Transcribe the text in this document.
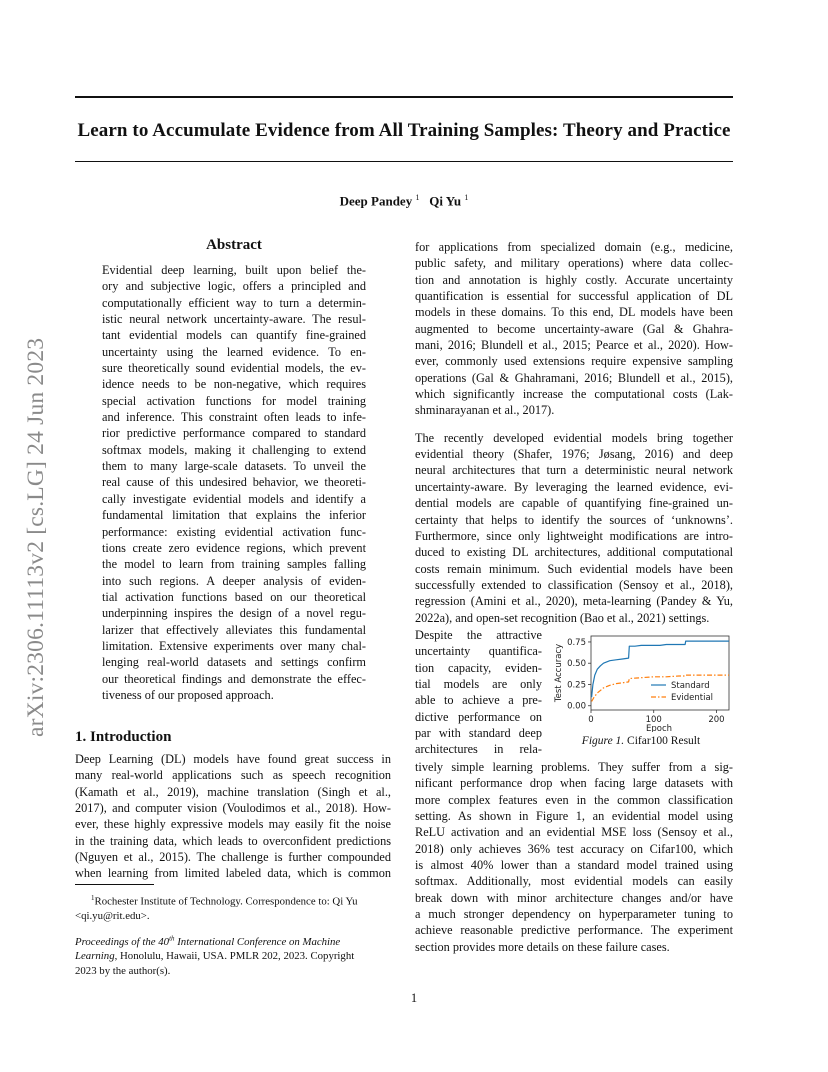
Learn to Accumulate Evidence from All Training Samples: Theory and Practice
Deep Pandey $^1$ Qi Yu $^1$
arXiv:2306.11113v2 [cs.LG] 24 Jun 2023
Abstract
Evidential deep learning, built upon belief the-
ory and subjective logic, offers a principled and
computationally efficient way to turn a determin-
istic neural network uncertainty-aware. The resul-
tant evidential models can quantify fine-grained
uncertainty using the learned evidence. To en-
sure theoretically sound evidential models, the ev-
idence needs to be non-negative, which requires
special activation functions for model training
and inference. This constraint often leads to infe-
rior predictive performance compared to standard
softmax models, making it challenging to extend
them to many large-scale datasets. To unveil the
real cause of this undesired behavior, we theoreti-
cally investigate evidential models and identify a
fundamental limitation that explains the inferior
performance: existing evidential activation func-
tions create zero evidence regions, which prevent
the model to learn from training samples falling
into such regions. A deeper analysis of eviden-
tial activation functions based on our theoretical
underpinning inspires the design of a novel regu-
larizer that effectively alleviates this fundamental
limitation. Extensive experiments over many chal-
lenging real-world datasets and settings confirm
our theoretical findings and demonstrate the effec-
tiveness of our proposed approach.
1. Introduction
Deep Learning (DL) models have found great success in
many real-world applications such as speech recognition
(Kamath et al., 2019), machine translation (Singh et al.,
2017), and computer vision (Voulodimos et al., 2018). How-
ever, these highly expressive models may easily fit the noise
in the training data, which leads to overconfident predictions
(Nguyen et al., 2015). The challenge is further compounded
when learning from limited labeled data, which is common
$^1$Rochester Institute of Technology. Correspondence to: Qi Yu
<qi.yu@rit.edu>.
Proceedings of the 40th International Conference on Machine
Learning, Honolulu, Hawaii, USA. PMLR 202, 2023. Copyright
2023 by the author(s).
for applications from specialized domain (e.g., medicine,
public safety, and military operations) where data collec-
tion and annotation is highly costly. Accurate uncertainty
quantification is essential for successful application of DL
models in these domains. To this end, DL models have been
augmented to become uncertainty-aware (Gal & Ghahra-
mani, 2016; Blundell et al., 2015; Pearce et al., 2020). How-
ever, commonly used extensions require expensive sampling
operations (Gal & Ghahramani, 2016; Blundell et al., 2015),
which significantly increase the computational costs (Lak-
shminarayanan et al., 2017).
The recently developed evidential models bring together
evidential theory (Shafer, 1976; Jøsang, 2016) and deep
neural architectures that turn a deterministic neural network
uncertainty-aware. By leveraging the learned evidence, evi-
dential models are capable of quantifying fine-grained un-
certainty that helps to identify the sources of ‘unknowns’.
Furthermore, since only lightweight modifications are intro-
duced to existing DL architectures, additional computational
costs remain minimum. Such evidential models have been
successfully extended to classification (Sensoy et al., 2018),
regression (Amini et al., 2020), meta-learning (Pandey & Yu,
2022a), and open-set recognition (Bao et al., 2021) settings.
Despite the attractive
uncertainty quantifica-
tion capacity, eviden-
tial models are only
able to achieve a pre-
dictive performance on
par with standard deep
architectures in rela-
0.00
0.25
0.50
0.75
0	100	200
Epoch
Test Accuracy	Standard
Evidential
Figure 1. Cifar100 Result
tively simple learning problems. They suffer from a sig-
nificant performance drop when facing large datasets with
more complex features even in the common classification
setting. As shown in Figure 1, an evidential model using
ReLU activation and an evidential MSE loss (Sensoy et al.,
2018) only achieves 36% test accuracy on Cifar100, which
is almost 40% lower than a standard model trained using
softmax. Additionally, most evidential models can easily
break down with minor architecture changes and/or have
a much stronger dependency on hyperparameter tuning to
achieve reasonable predictive performance. The experiment
section provides more details on these failure cases.
1
